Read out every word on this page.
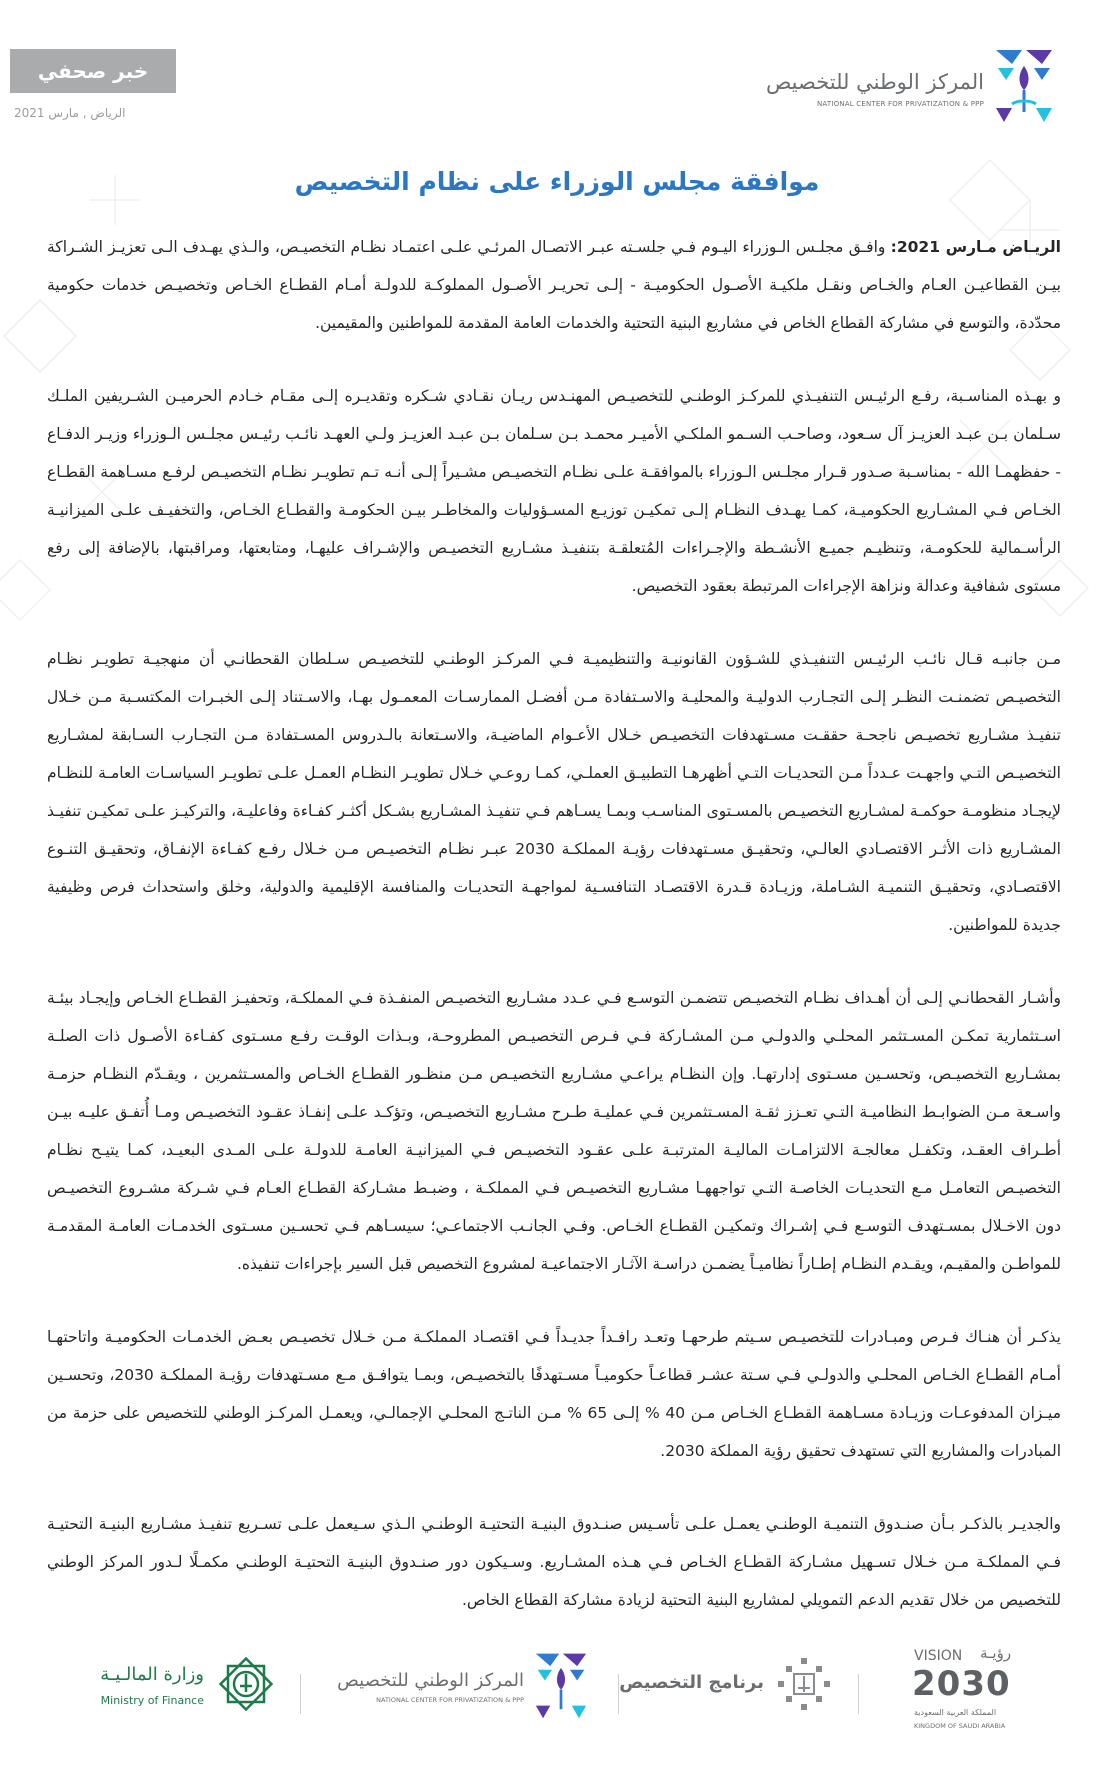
خبر صحفي
الرياض , مارس 2021
المركز الوطني للتخصيص
NATIONAL CENTER FOR PRIVATIZATION & PPP
موافقة مجلس الوزراء على نظام التخصيص

الريـاض مـارس 2021: وافـق مجلـس الـوزراء اليـوم فـي جلسـته عبـر الاتصـال المرئـي علـى اعتمـاد نظـام التخصيـص، والـذي يهـدف الـى تعزيـز الشـراكة بيـن القطاعيـن العـام والخـاص ونقـل ملكيـة الأصـول الحكوميـة - إلـى تحريـر الأصـول المملوكـة للدولـة أمـام القطـاع الخـاص وتخصيـص خدمات حكومية محدّدة، والتوسع في مشاركة القطاع الخاص في مشاريع البنية التحتية والخدمات العامة المقدمة للمواطنين والمقيمين.

و بهـذه المناسـبة، رفـع الرئيـس التنفيـذي للمركـز الوطنـي للتخصيـص المهنـدس ريـان نقـادي شـكره وتقديـره إلـى مقـام خـادم الحرميـن الشـريفين الملـك سـلمان بـن عبـد العزيـز آل سـعود، وصاحـب السـمو الملكـي الأميـر محمـد بـن سـلمان بـن عبـد العزيـز ولـي العهـد نائـب رئيـس مجلـس الـوزراء وزيـر الدفـاع - حفظهمـا الله - بمناسـبة صـدور قـرار مجلـس الـوزراء بالموافقـة علـى نظـام التخصيـص مشـيراً إلـى أنـه تـم تطويـر نظـام التخصيـص لرفـع مسـاهمة القطـاع الخـاص فـي المشـاريع الحكوميـة، كمـا يهـدف النظـام إلـى تمكيـن توزيـع المسـؤوليات والمخاطـر بيـن الحكومـة والقطـاع الخـاص، والتخفيـف علـى الميزانيـة الرأسـمالية للحكومـة، وتنظيـم جميـع الأنشـطة والإجـراءات المُتعلقـة بتنفيـذ مشـاريع التخصيـص والإشـراف عليهـا، ومتابعتها، ومراقبتها، بالإضافة إلى رفع مستوى شفافية وعدالة ونزاهة الإجراءات المرتبطة بعقود التخصيص.

مـن جانبـه قـال نائـب الرئيـس التنفيـذي للشـؤون القانونيـة والتنظيميـة فـي المركـز الوطنـي للتخصيـص سـلطان القحطانـي أن منهجيـة تطويـر نظـام التخصيـص تضمنـت النظـر إلـى التجـارب الدوليـة والمحليـة والاسـتفادة مـن أفضـل الممارسـات المعمـول بهـا، والاسـتناد إلـى الخبـرات المكتسـبة مـن خـلال تنفيـذ مشـاريع تخصيـص ناجحـة حققـت مسـتهدفات التخصيـص خـلال الأعـوام الماضيـة، والاسـتعانة بالـدروس المسـتفادة مـن التجـارب السـابقة لمشـاريع التخصيـص التـي واجهـت عـدداً مـن التحديـات التـي أظهرهـا التطبيـق العملـي، كمـا روعـي خـلال تطويـر النظـام العمـل علـى تطويـر السياسـات العامـة للنظـام لإيجـاد منظومـة حوكمـة لمشـاريع التخصيـص بالمسـتوى المناسـب وبمـا يسـاهم فـي تنفيـذ المشـاريع بشـكل أكثـر كفـاءة وفاعليـة، والتركيـز علـى تمكيـن تنفيـذ المشـاريع ذات الأثـر الاقتصـادي العالـي، وتحقيـق مسـتهدفات رؤيـة المملكـة 2030 عبـر نظـام التخصيـص مـن خـلال رفـع كفـاءة الإنفـاق، وتحقيـق التنـوع الاقتصـادي، وتحقيـق التنميـة الشـاملة، وزيـادة قـدرة الاقتصـاد التنافسـية لمواجهـة التحديـات والمنافسة الإقليمية والدولية، وخلق واستحداث فرص وظيفية جديدة للمواطنين.

وأشـار القحطانـي إلـى أن أهـداف نظـام التخصيـص تتضمـن التوسـع فـي عـدد مشـاريع التخصيـص المنفـذة فـي المملكـة، وتحفيـز القطـاع الخـاص وإيجـاد بيئـة اسـتثمارية تمكـن المسـتثمر المحلـي والدولـي مـن المشـاركة فـي فـرص التخصيـص المطروحـة، وبـذات الوقـت رفـع مسـتوى كفـاءة الأصـول ذات الصلـة بمشـاريع التخصيـص، وتحسـين مسـتوى إدارتهـا. وإن النظـام يراعـي مشـاريع التخصيـص مـن منظـور القطـاع الخـاص والمسـتثمرين ، ويقـدّم النظـام حزمـة واسـعة مـن الضوابـط النظاميـة التـي تعـزز ثقـة المسـتثمرين فـي عمليـة طـرح مشـاريع التخصيـص، وتؤكـد علـى إنفـاذ عقـود التخصيـص ومـا أُتفـق عليـه بيـن أطـراف العقـد، وتكفـل معالجـة الالتزامـات الماليـة المترتبـة علـى عقـود التخصيـص فـي الميزانيـة العامـة للدولـة علـى المـدى البعيـد، كمـا يتيـح نظـام التخصيـص التعامـل مـع التحديـات الخاصـة التـي تواجههـا مشـاريع التخصيـص فـي المملكـة ، وضبـط مشـاركة القطـاع العـام فـي شـركة مشـروع التخصيـص دون الاخـلال بمسـتهدف التوسـع فـي إشـراك وتمكيـن القطـاع الخـاص. وفـي الجانـب الاجتماعـي؛ سيسـاهم فـي تحسـين مسـتوى الخدمـات العامـة المقدمـة للمواطـن والمقيـم، ويقـدم النظـام إطـاراً نظاميـاً يضمـن دراسـة الآثـار الاجتماعيـة لمشروع التخصيص قبل السير بإجراءات تنفيذه.

يذكـر أن هنـاك فـرص ومبـادرات للتخصيـص سـيتم طرحهـا وتعـد رافـداً جديـداً فـي اقتصـاد المملكـة مـن خـلال تخصيـص بعـض الخدمـات الحكوميـة واتاحتهـا أمـام القطـاع الخـاص المحلـي والدولـي فـي سـتة عشـر قطاعـاً حكوميـاً مسـتهدفًا بالتخصيـص، وبمـا يتوافـق مـع مسـتهدفات رؤيـة المملكـة 2030، وتحسـين ميـزان المدفوعـات وزيـادة مسـاهمة القطـاع الخـاص مـن 40 % إلـى 65 % مـن الناتـج المحلـي الإجمالـي، ويعمـل المركـز الوطني للتخصيص على حزمة من المبادرات والمشاريع التي تستهدف تحقيق رؤية المملكة 2030.

والجديـر بالذكـر بـأن صنـدوق التنميـة الوطنـي يعمـل علـى تأسـيس صنـدوق البنيـة التحتيـة الوطنـي الـذي سـيعمل علـى تسـريع تنفيـذ مشـاريع البنيـة التحتيـة فـي المملكـة مـن خـلال تسـهيل مشـاركة القطـاع الخـاص فـي هـذه المشـاريع. وسـيكون دور صنـدوق البنيـة التحتيـة الوطنـي مكمـلًا لـدور المركز الوطني للتخصيص من خلال تقديم الدعم التمويلي لمشاريع البنية التحتية لزيادة مشاركة القطاع الخاص.

وزارة المالـيـة
Ministry of Finance
المركز الوطني للتخصيص
NATIONAL CENTER FOR PRIVATIZATION & PPP
برنامج التخصيص
VISION رؤيـة
2030
المملكة العربية السعودية
KINGDOM OF SAUDI ARABIA
